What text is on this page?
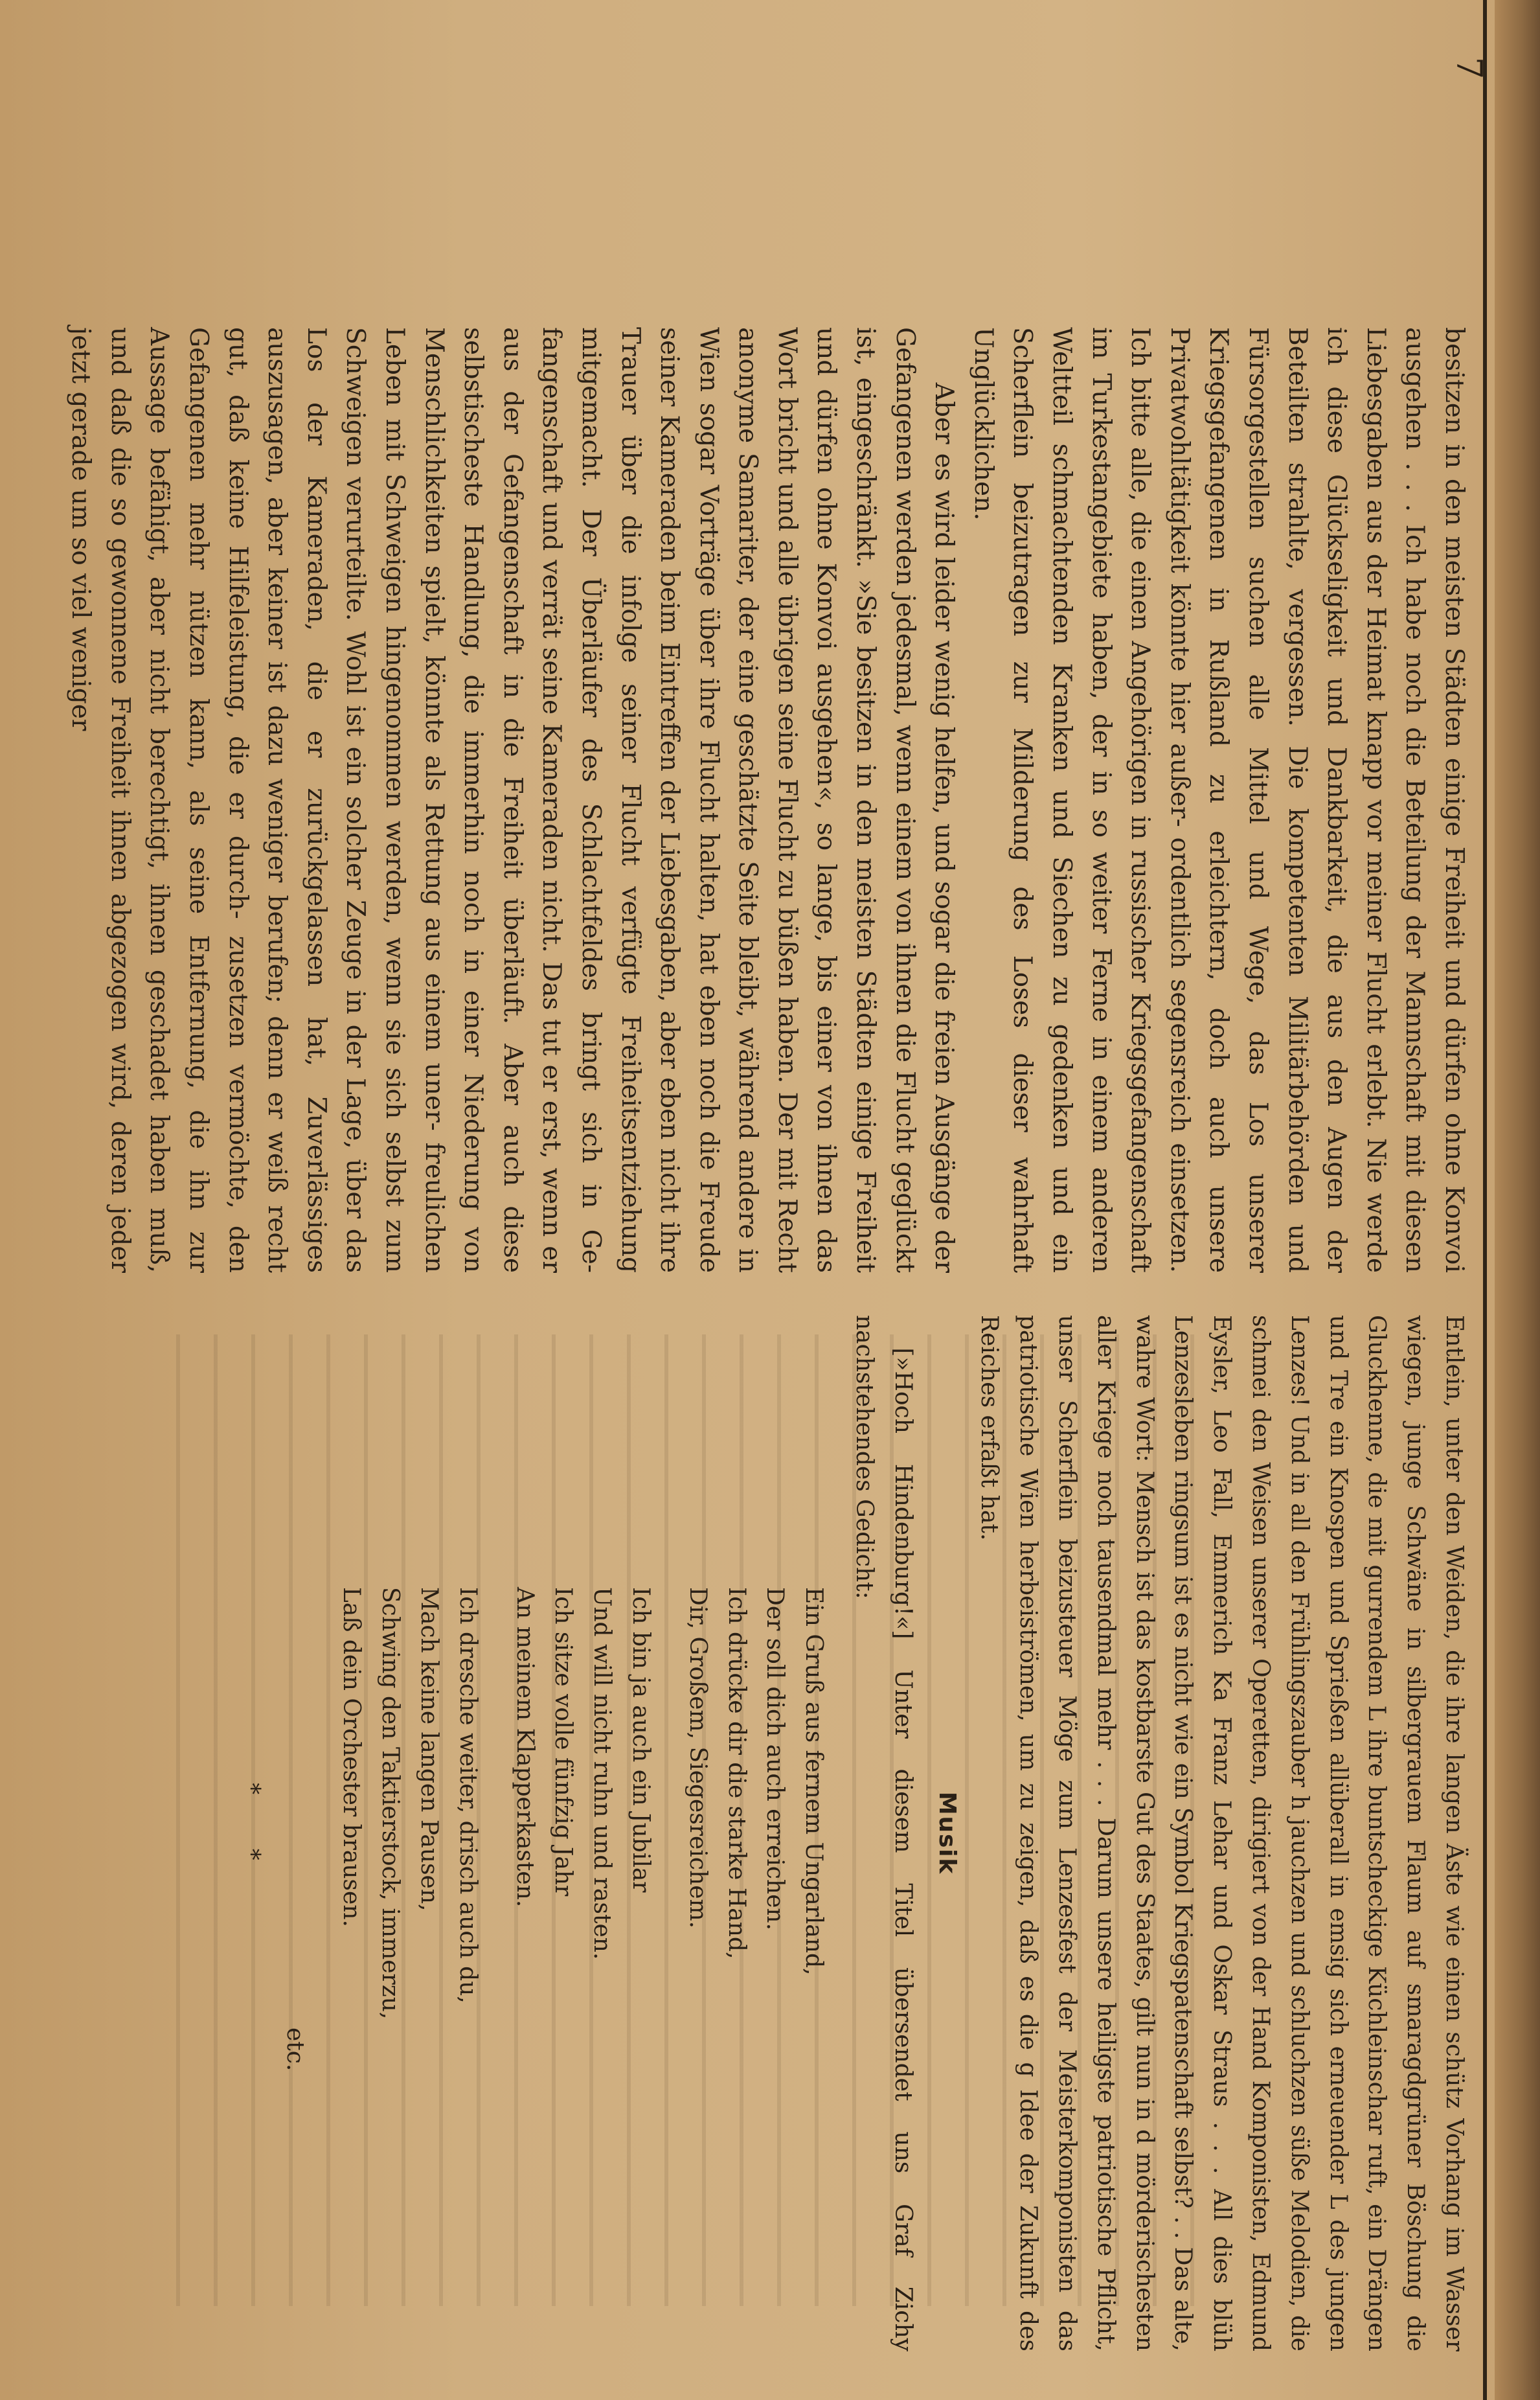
7
besitzen in den meisten Städten einige Freiheit und dürfen ohne Konvoi ausgehen . . . Ich habe noch die Beteilung der Mannschaft mit diesen Liebesgaben aus der Heimat knapp vor meiner Flucht erlebt. Nie werde ich diese Glückseligkeit und Dankbarkeit, die aus den Augen der Beteilten strahlte, vergessen. Die kompetenten Militärbehörden und Fürsorgestellen suchen alle Mittel und Wege, das Los unserer Kriegsgefangenen in Rußland zu erleichtern, doch auch unsere Privatwohltätigkeit könnte hier außer- ordentlich segensreich einsetzen. Ich bitte alle, die einen Angehörigen in russischer Kriegsgefangenschaft im Turkestangebiete haben, der in so weiter Ferne in einem anderen Weltteil schmachtenden Kranken und Siechen zu gedenken und ein Scherflein beizutragen zur Milderung des Loses dieser wahrhaft Unglücklichen.
Aber es wird leider wenig helfen, und sogar die freien Ausgänge der Gefangenen werden jedesmal, wenn einem von ihnen die Flucht geglückt ist, eingeschränkt. »Sie besitzen in den meisten Städten einige Freiheit und dürfen ohne Konvoi ausgehen«, so lange, bis einer von ihnen das Wort bricht und alle übrigen seine Flucht zu büßen haben. Der mit Recht anonyme Samariter, der eine geschätzte Seite bleibt, während andere in Wien sogar Vorträge über ihre Flucht halten, hat eben noch die Freude seiner Kameraden beim Eintreffen der Liebesgaben, aber eben nicht ihre Trauer über die infolge seiner Flucht verfügte Freiheitsentziehung mitgemacht. Der Überläufer des Schlachtfeldes bringt sich in Ge- fangenschaft und verrät seine Kameraden nicht. Das tut er erst, wenn er aus der Gefangenschaft in die Freiheit überläuft. Aber auch diese selbstischeste Handlung, die immerhin noch in einer Niederung von Menschlichkeiten spielt, könnte als Rettung aus einem uner- freulichen Leben mit Schweigen hingenommen werden, wenn sie sich selbst zum Schweigen verurteilte. Wohl ist ein solcher Zeuge in der Lage, über das Los der Kameraden, die er zurückgelassen hat, Zuverlässiges auszusagen, aber keiner ist dazu weniger berufen; denn er weiß recht gut, daß keine Hilfeleistung, die er durch- zusetzen vermöchte, den Gefangenen mehr nützen kann, als seine Entfernung, die ihn zur Aussage befähigt, aber nicht berechtigt, ihnen geschadet haben muß, und daß die so gewonnene Freiheit ihnen abgezogen wird, deren jeder jetzt gerade um so viel weniger
Entlein, unter den Weiden, die ihre langen Äste wie einen schütz Vorhang im Wasser wiegen, junge Schwäne in silbergrauem Flaum auf smaragdgrüner Böschung die Gluckhenne, die mit gurrendem L ihre buntscheckige Küchleinschar ruft, ein Drängen und Tre ein Knospen und Sprießen allüberall in emsig sich erneuender L des jungen Lenzes! Und in all den Frühlingszauber h jauchzen und schluchzen süße Melodien, die schmei den Weisen unserer Operetten, dirigiert von der Hand Komponisten, Edmund Eysler, Leo Fall, Emmerich Ka Franz Lehar und Oskar Straus . . . All dies blüh Lenzesleben ringsum ist es nicht wie ein Symbol Kriegspatenschaft selbst? . . Das alte, wahre Wort: Mensch ist das kostbarste Gut des Staates, gilt nun in d mörderischesten aller Kriege noch tausendmal mehr . . . Darum unsere heiligste patriotische Pflicht, unser Scherflein beizusteuer Möge zum Lenzesfest der Meisterkomponisten das patriotische Wien herbeiströmen, um zu zeigen, daß es die g Idee der Zukunft des Reiches erfaßt hat.
Musik

[»Hoch Hindenburg!«] Unter diesem Titel übersendet uns Graf Zichy nachstehendes Gedicht:

Ein Gruß aus fernem Ungarland,
Der soll dich auch erreichen.
Ich drücke dir die starke Hand,
Dir, Großem, Siegesreichem.
Ich bin ja auch ein Jubilar
Und will nicht ruhn und rasten.
Ich sitze volle fünfzig Jahr
An meinem Klapperkasten.
Ich dresche weiter, drisch auch du,
Mach keine langen Pausen,
Schwing den Taktierstock, immerzu,
Laß dein Orchester brausen.
etc.
* *
